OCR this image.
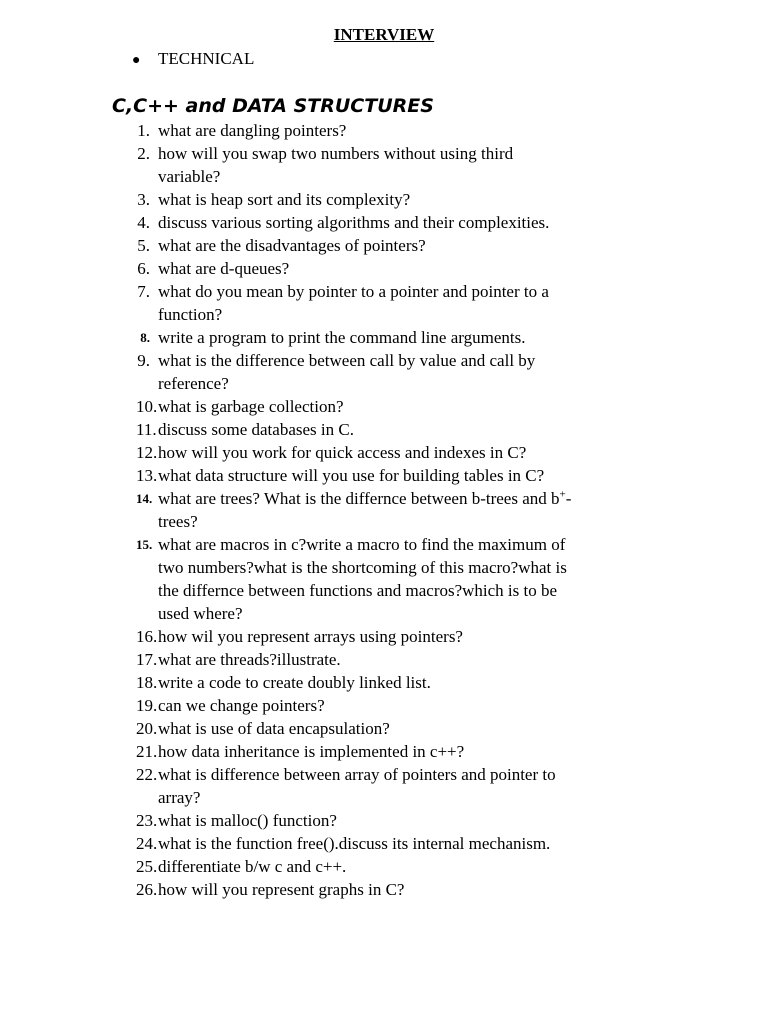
INTERVIEW
● TECHNICAL
C,C++ and DATA STRUCTURES
1. what are dangling pointers?
2. how will you swap two numbers without using third
variable?
3. what is heap sort and its complexity?
4. discuss various sorting algorithms and their complexities.
5. what are the disadvantages of pointers?
6. what are d-queues?
7. what do you mean by pointer to a pointer and pointer to a
function?
8. write a program to print the command line arguments.
9. what is the difference between call by value and call by
reference?
10. what is garbage collection?
11. discuss some databases in C.
12. how will you work for quick access and indexes in C?
13. what data structure will you use for building tables in C?
14. what are trees? What is the differnce between b-trees and b+-
trees?
15. what are macros in c?write a macro to find the maximum of
two numbers?what is the shortcoming of this macro?what is
the differnce between functions and macros?which is to be
used where?
16. how wil you represent arrays using pointers?
17. what are threads?illustrate.
18. write a code to create doubly linked list.
19. can we change pointers?
20. what is use of data encapsulation?
21. how data inheritance is implemented in c++?
22. what is difference between array of pointers and pointer to
array?
23. what is malloc() function?
24. what is the function free().discuss its internal mechanism.
25. differentiate b/w c and c++.
26. how will you represent graphs in C?
